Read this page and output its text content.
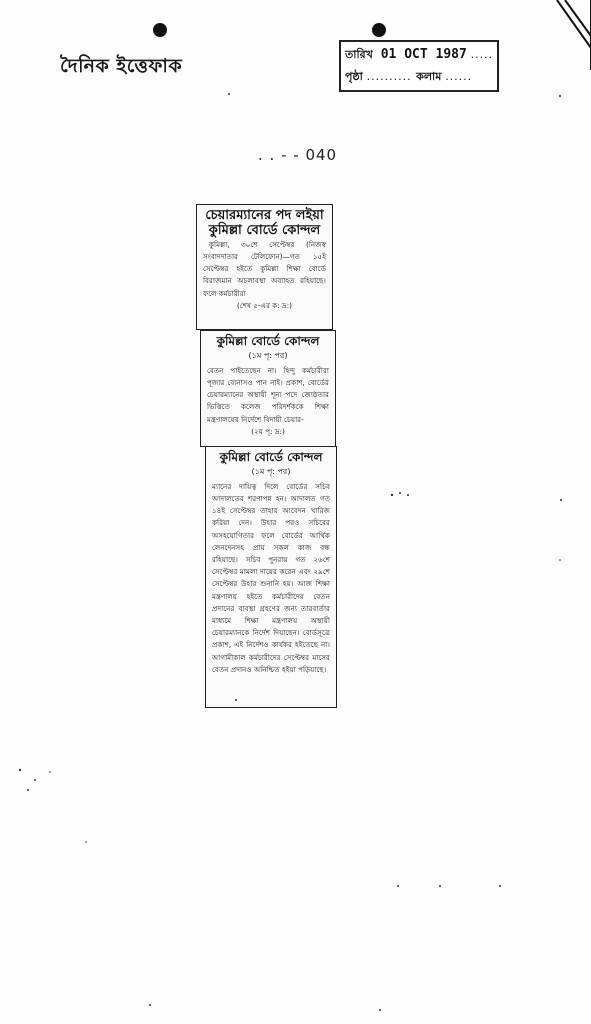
দৈনিক ইত্তেফাক
তারিখ 01 OCT 1987 .....
পৃষ্ঠা .......... কলাম ......
. . - - 040
চেয়ারম্যানের পদ লইয়া কুমিল্লা বোর্ডে কোন্দল
কুমিল্লা, ৩০শে সেপ্টেম্বর (নিজস্ব সংবাদদাতার টেলিফোন)—গত ১৫ই সেপ্টেম্বর হইতে কুমিল্লা শিক্ষা বোর্ডে বিরাজমান অচলাবস্থা অব্যাহত রহিয়াছে। ফলে কর্মচারীরা
(শেষ ৫-এর ক: দ্র:)
কুমিল্লা বোর্ডে কোন্দল
(১ম পৃ: পর)
বেতন পাইতেছেন না। হিন্দু কর্মচারীরা পূজার বোনাসও পান নাই। প্রকাশ, বোর্ডের চেয়ারম্যানের অস্থায়ী শূন্য পদে জ্যেষ্ঠতার ভিত্তিতে কলেজ পরিদর্শককে শিক্ষা মন্ত্রণালয়ের নির্দেশে বিদায়ী চেয়ার-
(২য় পৃ: দ্র:)
কুমিল্লা বোর্ডে কোন্দল
(১ম পৃ: পর)
ম্যানের দায়িত্ব দিলে বোর্ডের সচিব আদালতের শরণাপন্ন হন। আদালত গত ১৪ই সেপ্টেম্বর তাহার আবেদন খারিজ করিয়া দেন। উহার পরও সচিবের অসহযোগিতার ফলে বোর্ডের আর্থিক লেনদেনসহ প্রায় সকল কাজ বন্ধ রহিয়াছে। সচিব পুনরায় গত ২৬শে সেপ্টেম্বর মামলা দায়ের করেন এবং ২৯শে সেপ্টেম্বর উহার শুনানি হয়। আজ শিক্ষা মন্ত্রণালয় হইতে কর্মচারীদের বেতন প্রদানের ব্যবস্থা গ্রহণের জন্য তারবার্তার মাধ্যমে শিক্ষা মন্ত্রণালয় অস্থায়ী চেয়ারম্যানকে নির্দেশ দিয়াছেন। বোর্ডসূত্রে প্রকাশ, এই নির্দেশও কার্যকর হইতেছে না। আগামীকাল কর্মচারীদের সেপ্টেম্বর মাসের বেতন প্রদানও অনিশ্চিত হইয়া পড়িয়াছে।
